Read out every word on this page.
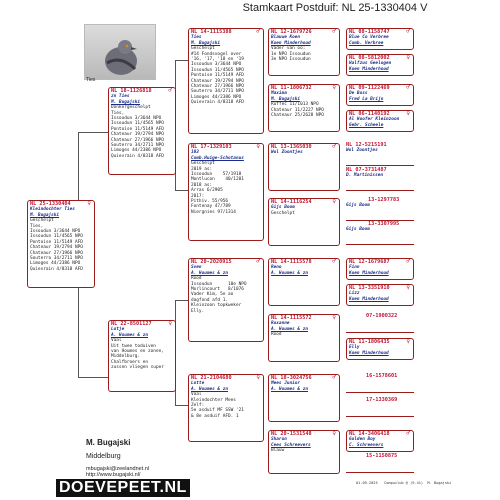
Stamkaart Postduif: NL 25-1330404 V
Ties
NL 25-1330404	♀
Kleindochter Ties
M. Bugajski
Geschelpt
Ties,
Issoudun 3/3644 NPO
Issoudun 11/4565 NPO
Pontoise 11/5149 AFD
Chateaur 19/2794 NPO
Chateaur 27/1966 NPO
Souterro 34/2711 NPO
Limoges 44/2386 NPO
Quievrain 4/8318 AFD
NL 18-1126818	♂
zn Ties
M. Bugajski
Donkergeschelpt
Ties,
Issoudun 3/3644 NPO
Issoudun 11/4565 NPO
Pontoise 11/5149 AFD
Chateaur 19/2794 NPO
Chateaur 27/1966 NPO
Souterro 34/2711 NPO
Limoges 44/2386 NPO
Quievrain 4/8318 AFD
NL 22-8501127	♀
Lotje
A. Houmes & zn
Vaal
Uit twee toduiven
van Houmes en zonen,
Middelburg.
Chalfbroers en
zussen vliegen super
NL 14-1115388	♂
Ties
M. Bugajski
Geschelpt
#14 Fondsvogel over
'16, '17, '18 en '19
Issoudun 3/3644 NPO
Issoudun 11/4565 NPO
Pontoise 11/5149 AFD
Chateaur 19/2794 NPO
Chateaur 27/1966 NPO
Souterro 34/2711 NPO
Limoges 44/2386 NPO
Quievrain 4/8318 AFD
NL 17-1329103	♀
103
Comb.Huige-Schotanus
Geschelpt
2019 as:
Issoudun    57/1918
Montlucon    40/1201
2018 as:
Arras 6/2905
2017:
Pithiv. 55/956
Fontenay 47/789
Niergnies 97/1314
NL 20-2020915	♂
Sven
A. Houmes & zn
Rood
Issoudun      10e NPO
Morlincourt   8/1076
Vader Kim, 5e ao
dagfond afd 1.
Kleinzoon topkweker
Elly.
NL 21-2104680	♀
Lotte
A. Houmes & zn
Vaal
Kleindochter Mees
Zelf:
5e asduif MF SSW '21
& 8e asduif AFD. 1
NL 12-1679726	♂
Blauwe Koen
Koen Minderhoud
Vader van oo:
1e NPO Issoudun
3e NPO Issoudun
NL 11-1806732	♀
Maxima
M. Bugajski
Ruffec 11/1013 NPO
Chateaur 11/2227 NPO
Chateaur 25/2628 NPO
NL 13-1365030	♂
Wol Zoontjes
NL 14-1116254	♀
Gijs Boom
Geschelpt
NL 14-1115578	♂
Reno
A. Houmes & zn
NL 14-1115572	♀
Roxanne
A. Houmes & zn
Rood
NL 18-3024756	♂
Mees Junior
A. Houmes & zn
NL 20-1531548	♀
Sharon
Cees Schreevers
Blauw
NL 08-1158747	♂
Blue Co Verbree
Comb. Verbree
NL 08-5812002	♀
Halfzus Geelogen
Koen Minderhoud
NL 09-1122469	♂
De Boss
Fred La Brijn
NL 06-1140192	♀
Al Hoofer Kleinzoon
Gebr. Scheele
NL 12-5215191
Wol Zoontjes
NL 07-3731487
D. Martinissen
13-1297783
Gijs Boom
13-3307995
Gijs Boom
NL 12-1679687	♂
Finn
Koen Minderhoud
NL 13-3351910	♀
Lizz
Koen Minderhoud
07-1900322
NL 11-1806435	♀
Elly
Koen Minderhoud
16-1578601
17-1330369
NL 14-3406418	♂
Golden Boy
C. Schreevers
15-1150875
M. Bugajski
Middelburg
mbugajski@zeelandnet.nl
http://www.bugajski.nl/
DOEVEPEET.NL	01-09-2025   Compuclub @ (9.41)  M. Bugajski
